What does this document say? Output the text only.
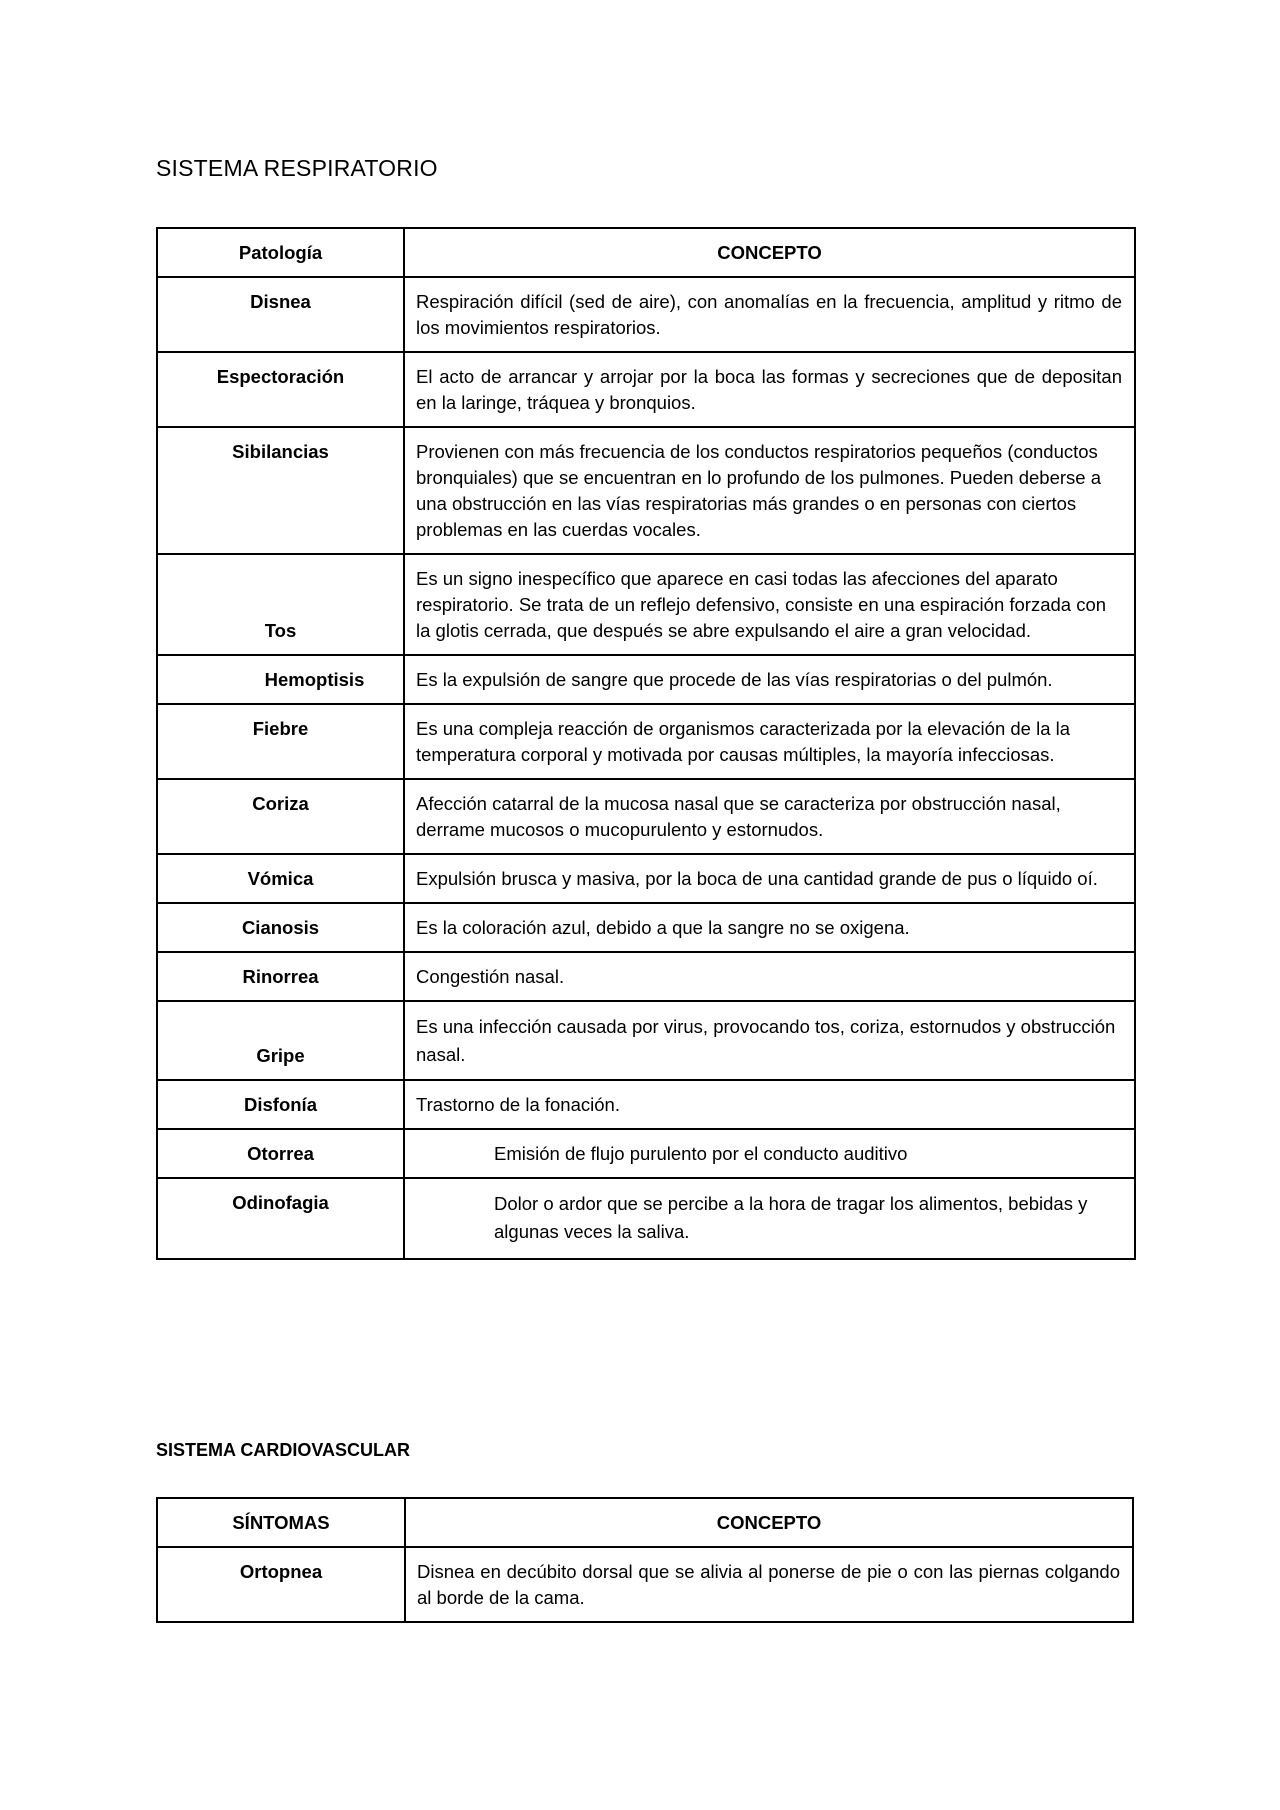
SISTEMA RESPIRATORIO
Patología	CONCEPTO
Disnea	Respiración difícil (sed de aire), con anomalías en la frecuencia, amplitud y ritmo de los movimientos respiratorios.
Espectoración	El acto de arrancar y arrojar por la boca las formas y secreciones que de depositan en la laringe, tráquea y bronquios.
Sibilancias	Provienen con más frecuencia de los conductos respiratorios pequeños (conductos bronquiales) que se encuentran en lo profundo de los pulmones. Pueden deberse a una obstrucción en las vías respiratorias más grandes o en personas con ciertos problemas en las cuerdas vocales.
Tos	Es un signo inespecífico que aparece en casi todas las afecciones del aparato respiratorio. Se trata de un reflejo defensivo, consiste en una espiración forzada con la glotis cerrada, que después se abre expulsando el aire a gran velocidad.
Hemoptisis	Es la expulsión de sangre que procede de las vías respiratorias o del pulmón.
Fiebre	Es una compleja reacción de organismos caracterizada por la elevación de la la temperatura corporal y motivada por causas múltiples, la mayoría infecciosas.
Coriza	Afección catarral de la mucosa nasal que se caracteriza por obstrucción nasal, derrame mucosos o mucopurulento y estornudos.
Vómica	Expulsión brusca y masiva, por la boca de una cantidad grande de pus o líquido oí.
Cianosis	Es la coloración azul, debido a que la sangre no se oxigena.
Rinorrea	Congestión nasal.
Gripe	Es una infección causada por virus, provocando tos, coriza, estornudos y obstrucción nasal.
Disfonía	Trastorno de la fonación.
Otorrea	Emisión de flujo purulento por el conducto auditivo
Odinofagia	Dolor o ardor que se percibe a la hora de tragar los alimentos, bebidas y algunas veces la saliva.
SISTEMA CARDIOVASCULAR
SÍNTOMAS	CONCEPTO
Ortopnea	Disnea en decúbito dorsal que se alivia al ponerse de pie o con las piernas colgando al borde de la cama.
